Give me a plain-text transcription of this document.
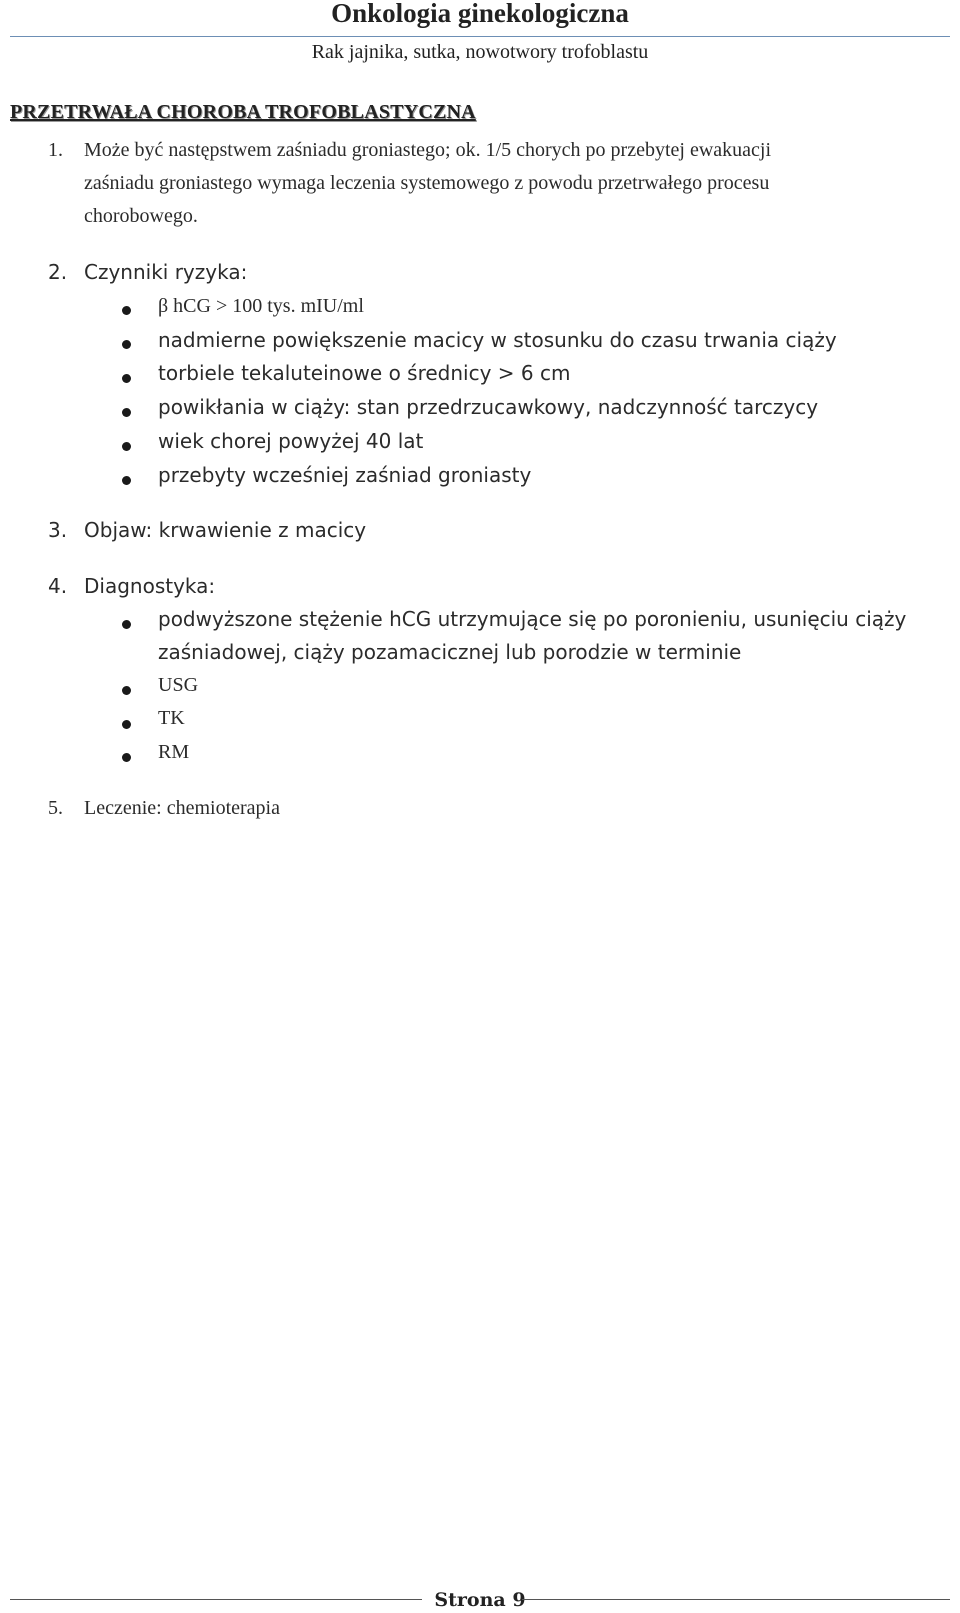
Onkologia ginekologiczna
Rak jajnika, sutka, nowotwory trofoblastu
PRZETRWAŁA CHOROBA TROFOBLASTYCZNA
1. Może być następstwem zaśniadu groniastego; ok. 1/5 chorych po przebytej ewakuacji
zaśniadu groniastego wymaga leczenia systemowego z powodu przetrwałego procesu
chorobowego.
2. Czynniki ryzyka:
β hCG > 100 tys. mIU/ml
nadmierne powiększenie macicy w stosunku do czasu trwania ciąży
torbiele tekaluteinowe o średnicy > 6 cm
powikłania w ciąży: stan przedrzucawkowy, nadczynność tarczycy
wiek chorej powyżej 40 lat
przebyty wcześniej zaśniad groniasty
3. Objaw: krwawienie z macicy
4. Diagnostyka:
podwyższone stężenie hCG utrzymujące się po poronieniu, usunięciu ciąży
zaśniadowej, ciąży pozamacicznej lub porodzie w terminie
USG
TK
RM
5. Leczenie: chemioterapia
Strona 9
